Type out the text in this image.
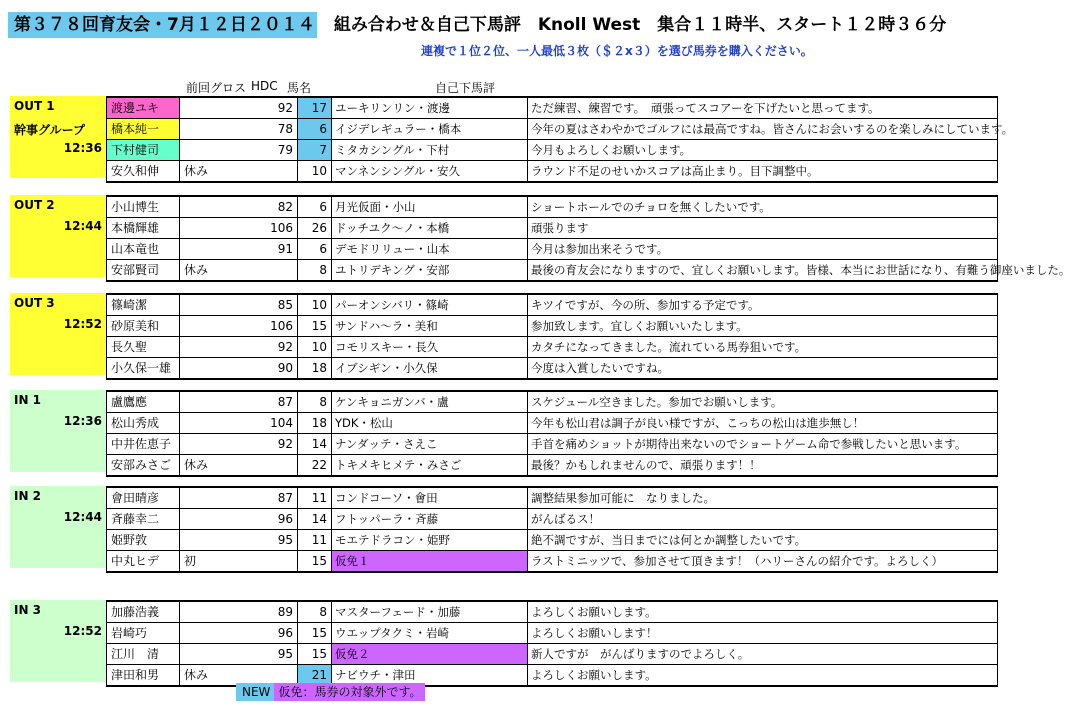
第３７８回育友会・7月１２日２０１４　組み合わせ＆自己下馬評　Knoll West　集合１１時半、スタート１２時３６分
連複で１位２位、一人最低３枚（＄２x３）を選び馬券を購入ください。
前回グロス HDC 馬名	自己下馬評
OUT 1
幹事グループ
12:36
渡邊ユキ	92	17 ユーキリンリン・渡邊	ただ練習、練習です。　頑張ってスコアーを下げたいと思ってます。
橋本純一	78	6 イジデレギュラー・橋本	今年の夏はさわやかでゴルフには最高ですね。皆さんにお会いするのを楽しみにしています。
下村健司	79	7 ミタカシングル・下村	今月もよろしくお願いします。
安久和伸	休み	10 マンネンシングル・安久	ラウンド不足のせいかスコアは高止まり。目下調整中。
OUT 2
12:44
小山博生	82	6 月光仮面・小山	ショートホールでのチョロを無くしたいです。
本橋輝雄	106	26 ドッチユク〜ノ・本橋	頑張ります
山本竜也	91	6 デモドリリュー・山本	今月は参加出来そうです。
安部賢司	休み	8 ユトリデキング・安部	最後の育友会になりますので、宜しくお願いします。皆様、本当にお世話になり、有難う御座いました。
OUT 3
12:52
篠崎潔	85	10 パーオンシバリ・篠崎	キツイですが、今の所、参加する予定です。
砂原美和	106	15 サンドハ〜ラ・美和	参加致します。宜しくお願いいたします。
長久聖	92	10 コモリスキー・長久	カタチになってきました。流れている馬券狙いです。
小久保一雄	90	18 イブシギン・小久保	今度は入賞したいですね。
IN 1
12:36
盧鷹應	87	8 ケンキョニガンバ・盧	スケジュール空きました。参加でお願いします。
松山秀成	104	18 YDK・松山	今年も松山君は調子が良い様ですが、こっちの松山は進歩無し！
中井佐恵子	92	14 ナンダッテ・さえこ	手首を痛めショットが期待出来ないのでショートゲーム命で参戦したいと思います。
安部みさご	休み	22 トキメキヒメテ・みさご	最後？かもしれませんので、頑張ります！！
IN 2
12:44
會田晴彦	87	11 コンドコーソ・會田	調整結果参加可能に　なりました。
斉藤幸二	96	14 フトッパーラ・斉藤	がんばるス！
姫野敦	95	11 モエテドラコン・姫野	絶不調ですが、当日までには何とか調整したいです。
中丸ヒデ	初	15 仮免１	ラストミニッツで、参加させて頂きます！（ハリーさんの紹介です。よろしく）
IN 3
12:52
加藤浩義	89	8 マスターフェード・加藤	よろしくお願いします。
岩崎巧	96	15 ウエップタクミ・岩崎	よろしくお願いします！
江川　清	95	15 仮免２	新人ですが　がんばりますのでよろしく。
津田和男	休み	21 ナビウチ・津田	よろしくお願いします。
NEW 仮免：馬券の対象外です。
